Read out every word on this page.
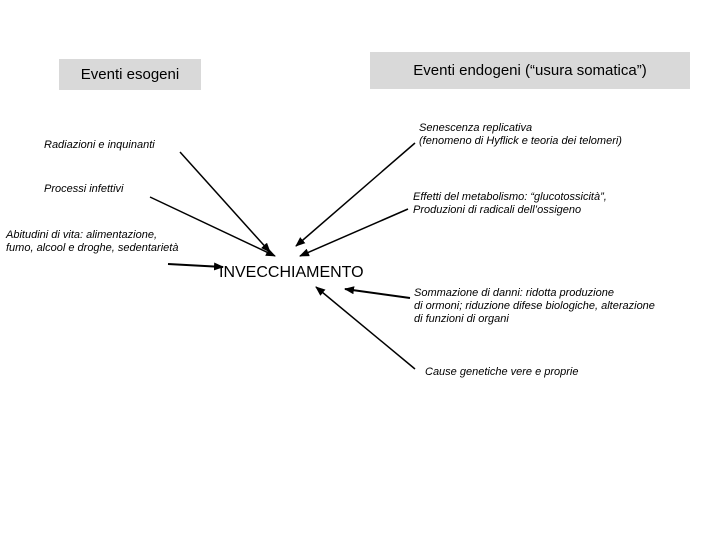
Eventi esogeni	Eventi endogeni (“usura somatica”)
Radiazioni e inquinanti
Processi infettivi
Abitudini di vita: alimentazione,
fumo, alcool e droghe, sedentarietà
Senescenza replicativa
(fenomeno di Hyflick e teoria dei telomeri)
Effetti del metabolismo: “glucotossicità”,
Produzioni di radicali dell’ossigeno
Sommazione di danni: ridotta produzione
di ormoni; riduzione difese biologiche, alterazione
di funzioni di organi
Cause genetiche vere e proprie
INVECCHIAMENTO
